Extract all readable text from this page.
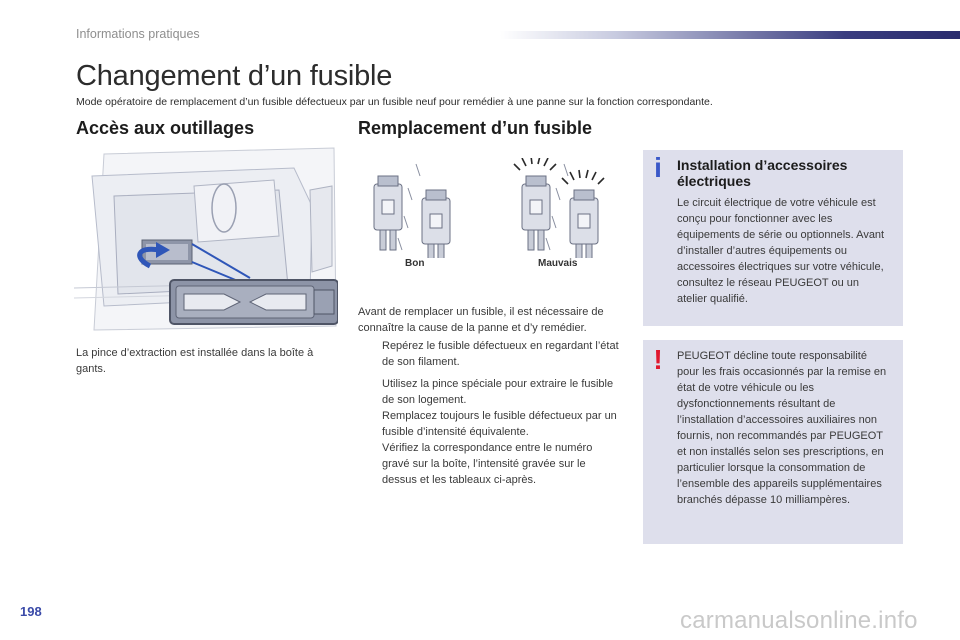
Informations pratiques
Changement d’un fusible
Mode opératoire de remplacement d’un fusible défectueux par un fusible neuf pour remédier à une panne sur la fonction correspondante.
Accès aux outillages	Remplacement d’un fusible
La pince d’extraction est installée dans la boîte à gants.
Bon	Mauvais

Avant de remplacer un fusible, il est nécessaire de connaître la cause de la panne et d’y remédier.

Repérez le fusible défectueux en regardant l’état de son filament.
Utilisez la pince spéciale pour extraire le fusible de son logement.
Remplacez toujours le fusible défectueux par un fusible d’intensité équivalente.
Vérifiez la correspondance entre le numéro gravé sur la boîte, l’intensité gravée sur le dessus et les tableaux ci-après.
i	Installation d’accessoires électriques
Le circuit électrique de votre véhicule est conçu pour fonctionner avec les équipements de série ou optionnels. Avant d’installer d’autres équipements ou accessoires électriques sur votre véhicule, consultez le réseau PEUGEOT ou un atelier qualifié.
!	PEUGEOT décline toute responsabilité pour les frais occasionnés par la remise en état de votre véhicule ou les dysfonctionnements résultant de l’installation d’accessoires auxiliaires non fournis, non recommandés par PEUGEOT et non installés selon ses prescriptions, en particulier lorsque la consommation de l’ensemble des appareils supplémentaires branchés dépasse 10 milliampères.
198	carmanualsonline.info
